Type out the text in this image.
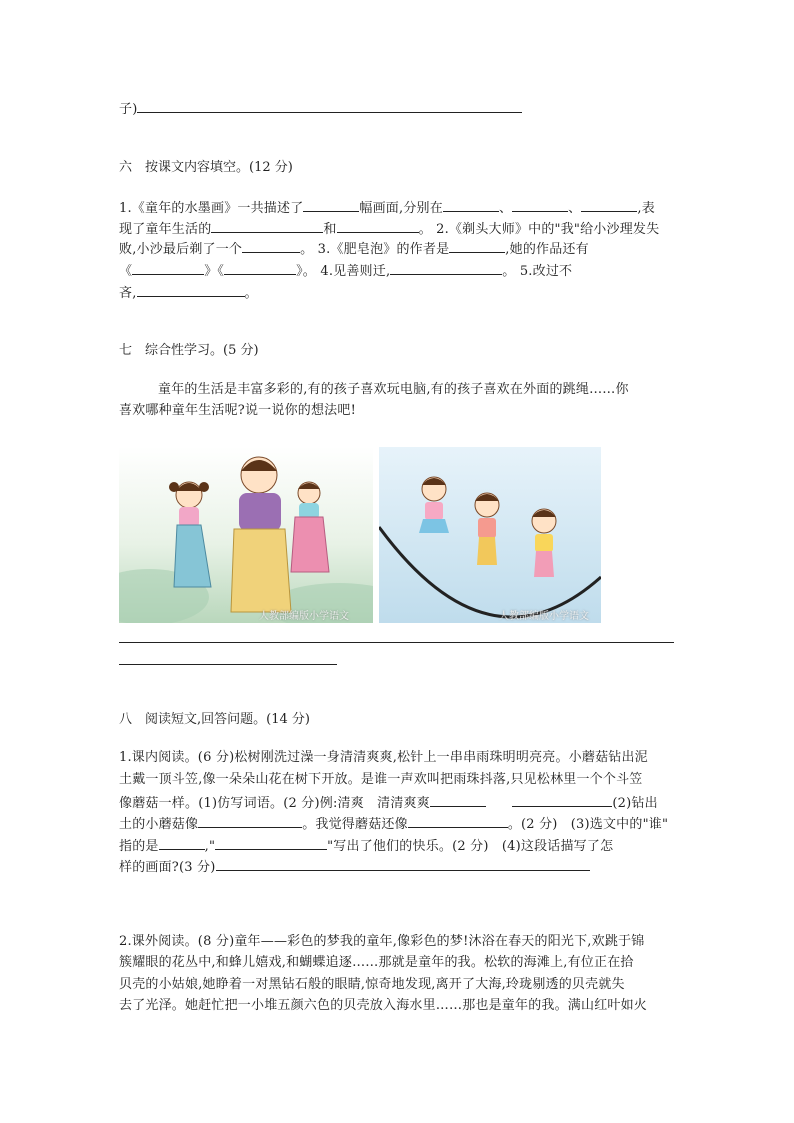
子)
六　按课文内容填空。(12 分)
1.《童年的水墨画》一共描述了	幅画面,分别在	、	、	,表
现了童年生活的	和	。 2.《剃头大师》中的"我"给小沙理发失
败,小沙最后剃了一个	。 3.《肥皂泡》的作者是	,她的作品还有
《	》《	》。 4.见善则迁,	。 5.改过不
吝,	。
七　综合性学习。(5 分)
童年的生活是丰富多彩的,有的孩子喜欢玩电脑,有的孩子喜欢在外面的跳绳……你
喜欢哪种童年生活呢?说一说你的想法吧!
人教部编版小学语文	人教部编版小学语文
八　阅读短文,回答问题。(14 分)
1.课内阅读。(6 分)松树刚洗过澡一身清清爽爽,松针上一串串雨珠明明亮亮。小蘑菇钻出泥
土戴一顶斗笠,像一朵朵山花在树下开放。是谁一声欢叫把雨珠抖落,只见松林里一个个斗笠
像蘑菇一样。(1)仿写词语。(2 分)例:清爽　清清爽爽　　	(2)钻出
土的小蘑菇像	。我觉得蘑菇还像	。(2 分)　(3)选文中的"谁"
指的是	,"	"写出了他们的快乐。(2 分)　(4)这段话描写了怎
样的画面?(3 分)
2.课外阅读。(8 分)童年——彩色的梦我的童年,像彩色的梦!沐浴在春天的阳光下,欢跳于锦
簇耀眼的花丛中,和蜂儿嬉戏,和蝴蝶追逐……那就是童年的我。松软的海滩上,有位正在拾
贝壳的小姑娘,她睁着一对黑钻石般的眼睛,惊奇地发现,离开了大海,玲珑剔透的贝壳就失
去了光泽。她赶忙把一小堆五颜六色的贝壳放入海水里……那也是童年的我。满山红叶如火
